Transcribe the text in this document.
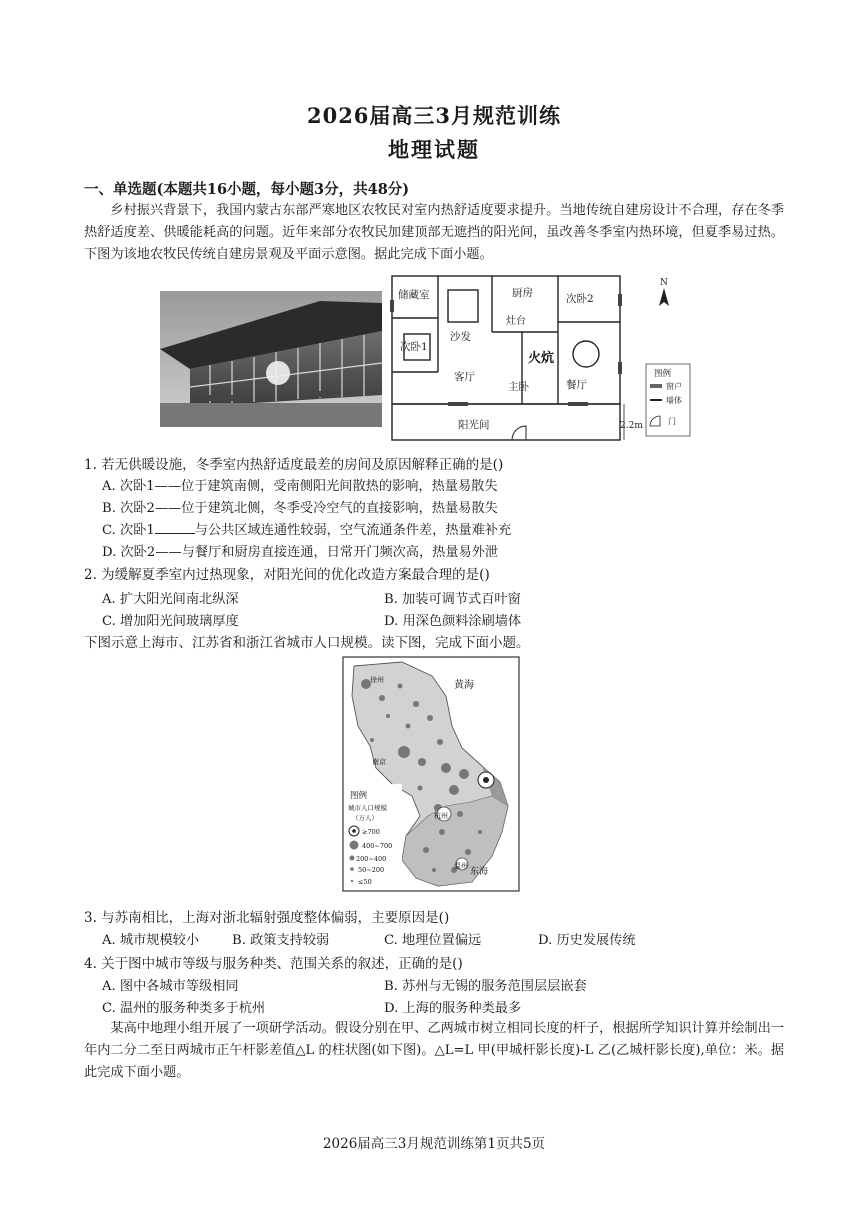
2026届高三3月规范训练
地理试题
一、单选题(本题共16小题，每小题3分，共48分)
乡村振兴背景下，我国内蒙古东部严寒地区农牧民对室内热舒适度要求提升。当地传统自建房设计不合理，存在冬季热舒适度差、供暖能耗高的问题。近年来部分农牧民加建顶部无遮挡的阳光间，虽改善冬季室内热环境，但夏季易过热。下图为该地农牧民传统自建房景观及平面示意图。据此完成下面小题。
储藏室
沙发
厨房
灶台
次卧2
次卧1
火炕
客厅
主卧	餐厅
阳光间	2.2m
N
图例
窗户
墙体
门
1. 若无供暖设施，冬季室内热舒适度最差的房间及原因解释正确的是()
A. 次卧1——位于建筑南侧，受南侧阳光间散热的影响，热量易散失
B. 次卧2——位于建筑北侧，冬季受冷空气的直接影响，热量易散失
C. 次卧1	与公共区域连通性较弱，空气流通条件差，热量难补充
D. 次卧2——与餐厅和厨房直接连通，日常开门频次高，热量易外泄
2. 为缓解夏季室内过热现象，对阳光间的优化改造方案最合理的是()
A. 扩大阳光间南北纵深	B. 加装可调节式百叶窗
C. 增加阳光间玻璃厚度	D. 用深色颜料涂刷墙体
下图示意上海市、江苏省和浙江省城市人口规模。读下图，完成下面小题。
黄海
东海
徐州
南京
杭州
温州
图例
城市人口规模
（万人）
≥700
400~700
200~400
50~200
≤50
3. 与苏南相比，上海对浙北辐射强度整体偏弱，主要原因是()
A. 城市规模较小 B. 政策支持较弱	C. 地理位置偏远	D. 历史发展传统
4. 关于图中城市等级与服务种类、范围关系的叙述，正确的是()
A. 图中各城市等级相同	B. 苏州与无锡的服务范围层层嵌套
C. 温州的服务种类多于杭州	D. 上海的服务种类最多
某高中地理小组开展了一项研学活动。假设分别在甲、乙两城市树立相同长度的杆子，根据所学知识计算并绘制出一年内二分二至日两城市正午杆影差值△L 的柱状图(如下图)。△L=L 甲(甲城杆影长度)-L 乙(乙城杆影长度),单位：米。据此完成下面小题。
2026届高三3月规范训练第1页共5页
